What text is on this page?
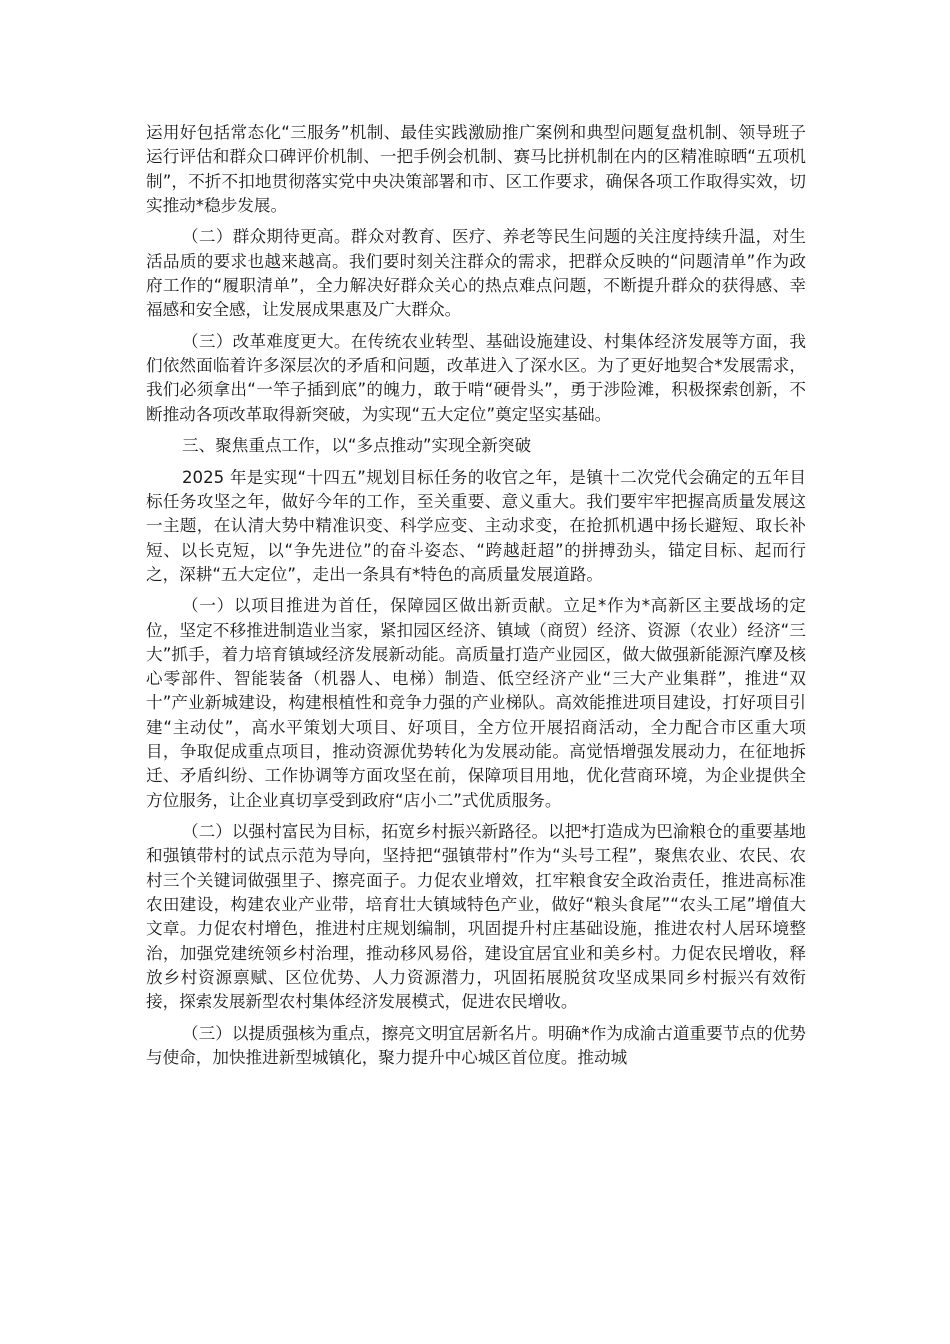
运用好包括常态化“三服务”机制、最佳实践激励推广案例和典型问题复盘机制、领导班子运行评估和群众口碑评价机制、一把手例会机制、赛马比拼机制在内的区精准晾晒“五项机制”，不折不扣地贯彻落实党中央决策部署和市、区工作要求，确保各项工作取得实效，切实推动*稳步发展。

（二）群众期待更高。群众对教育、医疗、养老等民生问题的关注度持续升温，对生活品质的要求也越来越高。我们要时刻关注群众的需求，把群众反映的“问题清单”作为政府工作的“履职清单”，全力解决好群众关心的热点难点问题，不断提升群众的获得感、幸福感和安全感，让发展成果惠及广大群众。

（三）改革难度更大。在传统农业转型、基础设施建设、村集体经济发展等方面，我们依然面临着许多深层次的矛盾和问题，改革进入了深水区。为了更好地契合*发展需求，我们必须拿出“一竿子插到底”的魄力，敢于啃“硬骨头”，勇于涉险滩，积极探索创新，不断推动各项改革取得新突破，为实现“五大定位”奠定坚实基础。

三、聚焦重点工作，以“多点推动”实现全新突破

2025 年是实现“十四五”规划目标任务的收官之年，是镇十二次党代会确定的五年目标任务攻坚之年，做好今年的工作，至关重要、意义重大。我们要牢牢把握高质量发展这一主题，在认清大势中精准识变、科学应变、主动求变，在抢抓机遇中扬长避短、取长补短、以长克短，以“争先进位”的奋斗姿态、“跨越赶超”的拼搏劲头，锚定目标、起而行之，深耕“五大定位”，走出一条具有*特色的高质量发展道路。

（一）以项目推进为首任，保障园区做出新贡献。立足*作为*高新区主要战场的定位，坚定不移推进制造业当家，紧扣园区经济、镇域（商贸）经济、资源（农业）经济“三大”抓手，着力培育镇域经济发展新动能。高质量打造产业园区，做大做强新能源汽摩及核心零部件、智能装备（机器人、电梯）制造、低空经济产业“三大产业集群”，推进“双十”产业新城建设，构建根植性和竞争力强的产业梯队。高效能推进项目建设，打好项目引建“主动仗”，高水平策划大项目、好项目，全方位开展招商活动，全力配合市区重大项目，争取促成重点项目，推动资源优势转化为发展动能。高觉悟增强发展动力，在征地拆迁、矛盾纠纷、工作协调等方面攻坚在前，保障项目用地，优化营商环境，为企业提供全方位服务，让企业真切享受到政府“店小二”式优质服务。

（二）以强村富民为目标，拓宽乡村振兴新路径。以把*打造成为巴渝粮仓的重要基地和强镇带村的试点示范为导向，坚持把“强镇带村”作为“头号工程”，聚焦农业、农民、农村三个关键词做强里子、擦亮面子。力促农业增效，扛牢粮食安全政治责任，推进高标准农田建设，构建农业产业带，培育壮大镇域特色产业，做好“粮头食尾”“农头工尾”增值大文章。力促农村增色，推进村庄规划编制，巩固提升村庄基础设施，推进农村人居环境整治，加强党建统领乡村治理，推动移风易俗，建设宜居宜业和美乡村。力促农民增收，释放乡村资源禀赋、区位优势、人力资源潜力，巩固拓展脱贫攻坚成果同乡村振兴有效衔接，探索发展新型农村集体经济发展模式，促进农民增收。

（三）以提质强核为重点，擦亮文明宜居新名片。明确*作为成渝古道重要节点的优势与使命，加快推进新型城镇化，聚力提升中心城区首位度。推动城
